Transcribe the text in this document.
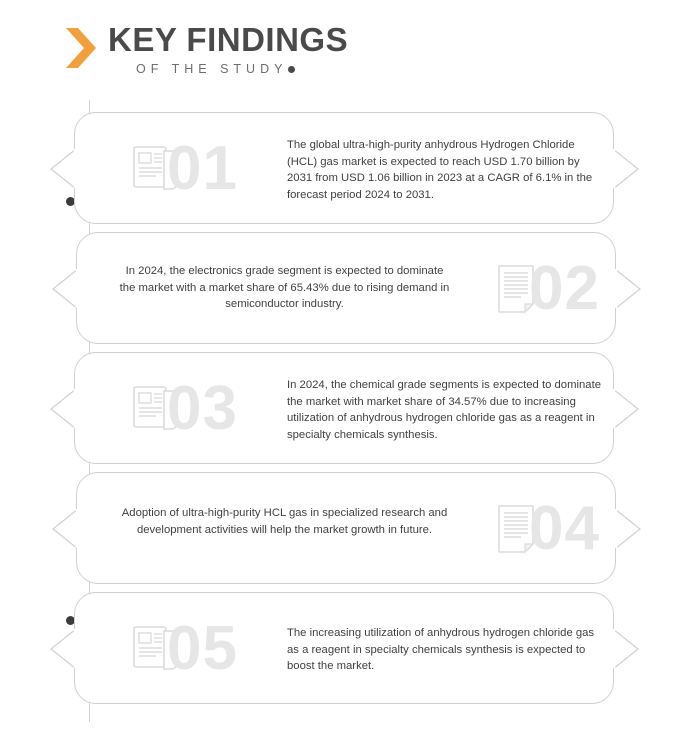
KEY FINDINGS
OF THE STUDY
01	The global ultra-high-purity anhydrous Hydrogen Chloride (HCL) gas market is expected to reach USD 1.70 billion by 2031 from USD 1.06 billion in 2023 at a CAGR of 6.1% in the forecast period 2024 to 2031.
02
In 2024, the electronics grade segment is expected to dominate the market with a market share of 65.43% due to rising demand in semiconductor industry.
03	In 2024, the chemical grade segments is expected to dominate the market with market share of 34.57% due to increasing utilization of anhydrous hydrogen chloride gas as a reagent in specialty chemicals synthesis.
04
Adoption of ultra-high-purity HCL gas in specialized research and development activities will help the market growth in future.
05	The increasing utilization of anhydrous hydrogen chloride gas as a reagent in specialty chemicals synthesis is expected to boost the market.
